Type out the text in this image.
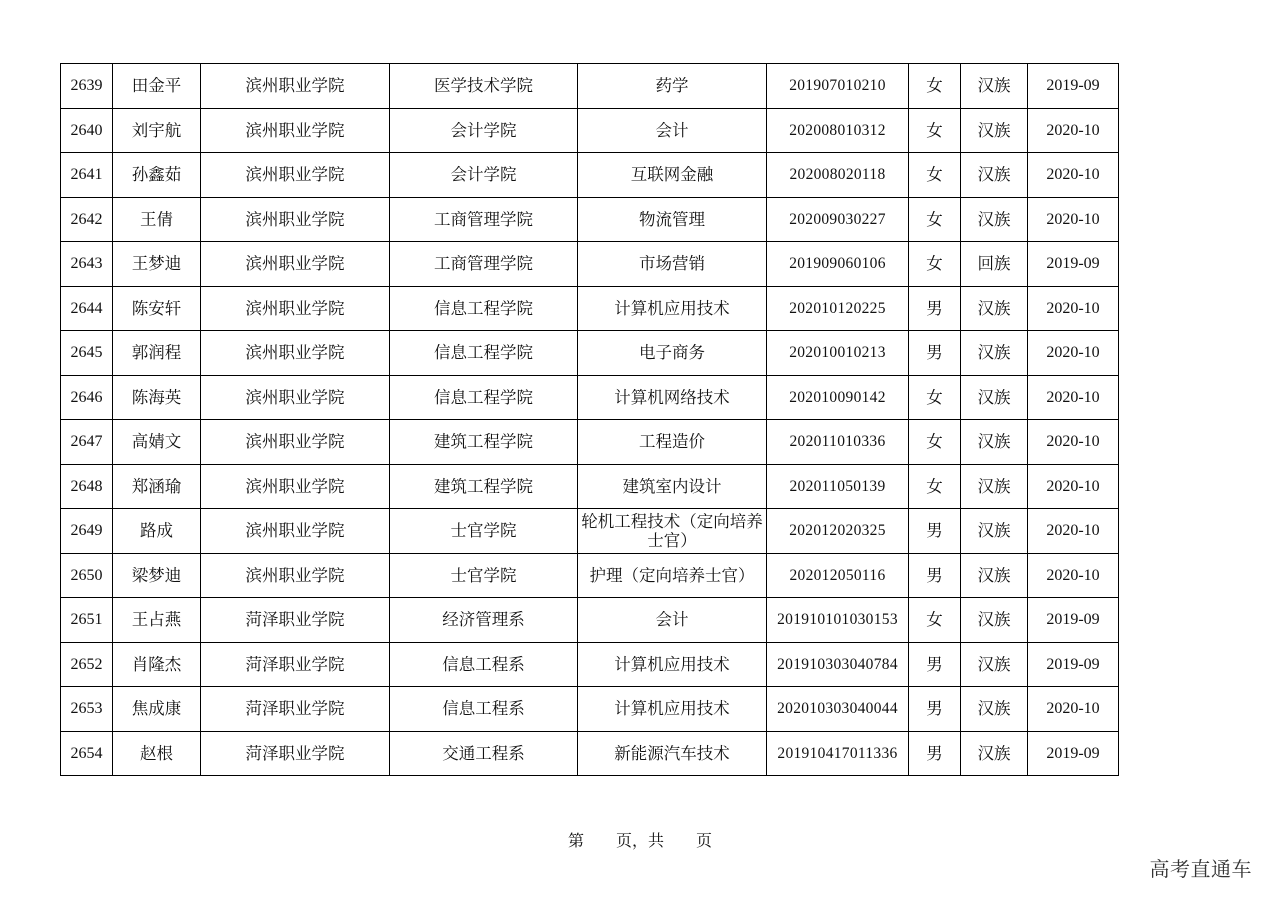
2639	田金平	滨州职业学院	医学技术学院	药学	201907010210	女	汉族	2019-09
2640	刘宇航	滨州职业学院	会计学院	会计	202008010312	女	汉族	2020-10
2641	孙鑫茹	滨州职业学院	会计学院	互联网金融	202008020118	女	汉族	2020-10
2642	王倩	滨州职业学院	工商管理学院	物流管理	202009030227	女	汉族	2020-10
2643	王梦迪	滨州职业学院	工商管理学院	市场营销	201909060106	女	回族	2019-09
2644	陈安轩	滨州职业学院	信息工程学院	计算机应用技术	202010120225	男	汉族	2020-10
2645	郭润程	滨州职业学院	信息工程学院	电子商务	202010010213	男	汉族	2020-10
2646	陈海英	滨州职业学院	信息工程学院	计算机网络技术	202010090142	女	汉族	2020-10
2647	高婧文	滨州职业学院	建筑工程学院	工程造价	202011010336	女	汉族	2020-10
2648	郑涵瑜	滨州职业学院	建筑工程学院	建筑室内设计	202011050139	女	汉族	2020-10
2649	路成	滨州职业学院	士官学院	轮机工程技术（定向培养士官）	202012020325	男	汉族	2020-10
2650	梁梦迪	滨州职业学院	士官学院	护理（定向培养士官）	202012050116	男	汉族	2020-10
2651	王占燕	菏泽职业学院	经济管理系	会计	2019101010301​53	女	汉族	2019-09
2652	肖隆杰	菏泽职业学院	信息工程系	计算机应用技术	201910303040784	男	汉族	2019-09
2653	焦成康	菏泽职业学院	信息工程系	计算机应用技术	202010303040044	男	汉族	2020-10
2654	赵根	菏泽职业学院	交通工程系	新能源汽车技术	201910417011336	男	汉族	2019-09
第　　页，共　　页
高考直通车
